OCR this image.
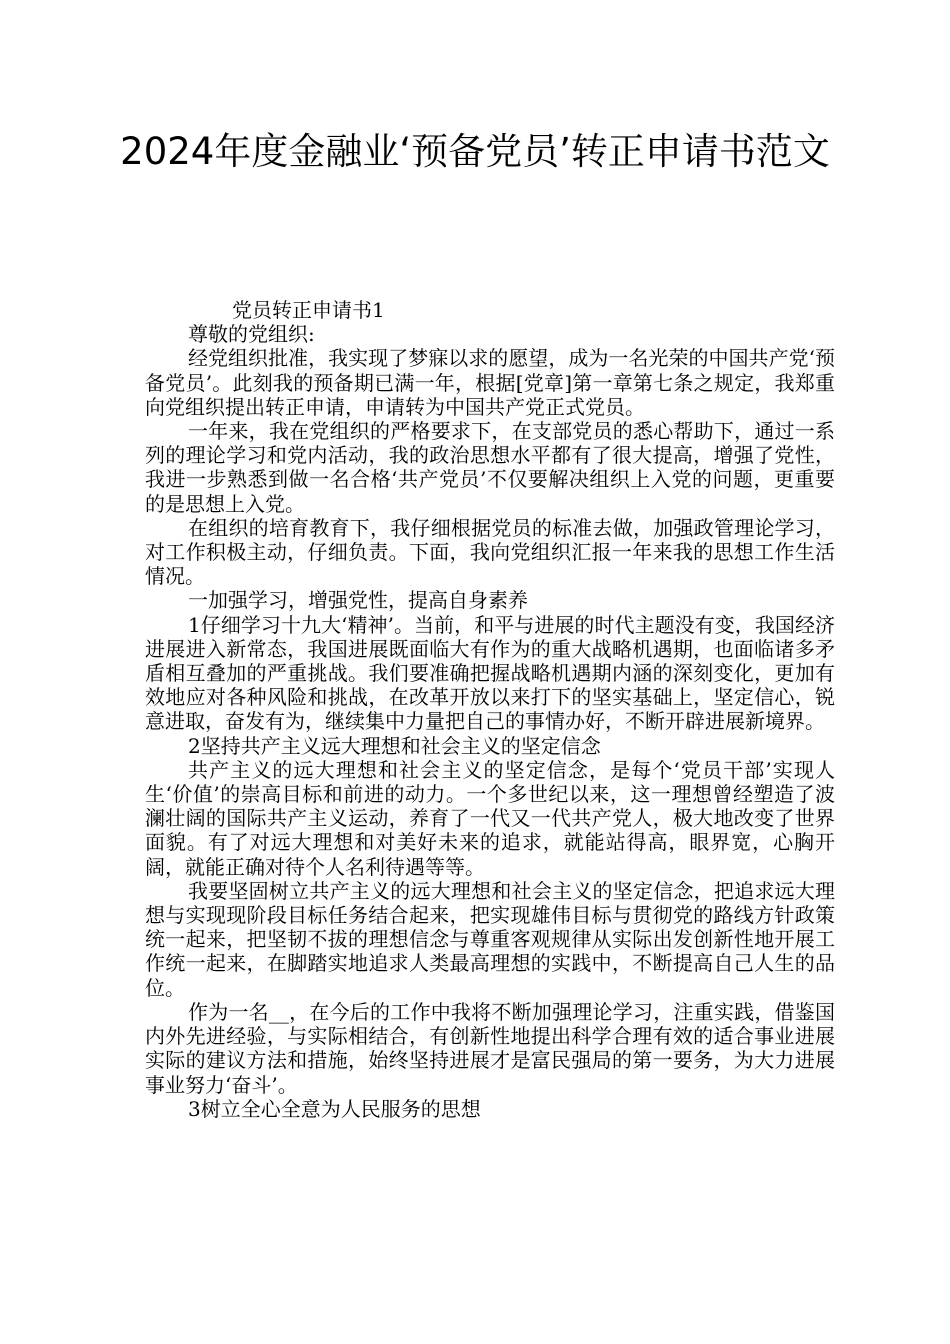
2024年度金融业‘预备党员’转正申请书范文

党员转正申请书1

尊敬的党组织:

经党组织批准，我实现了梦寐以求的愿望，成为一名光荣的中国共产党‘预备党员’。此刻我的预备期已满一年，根据[党章]第一章第七条之规定，我郑重向党组织提出转正申请，申请转为中国共产党正式党员。

一年来，我在党组织的严格要求下，在支部党员的悉心帮助下，通过一系列的理论学习和党内活动，我的政治思想水平都有了很大提高，增强了党性，我进一步熟悉到做一名合格‘共产党员’不仅要解决组织上入党的问题，更重要的是思想上入党。

在组织的培育教育下，我仔细根据党员的标准去做，加强政管理论学习，对工作积极主动，仔细负责。下面，我向党组织汇报一年来我的思想工作生活情况。

一加强学习，增强党性，提高自身素养

1仔细学习十九大‘精神’。当前，和平与进展的时代主题没有变，我国经济进展进入新常态，我国进展既面临大有作为的重大战略机遇期，也面临诸多矛盾相互叠加的严重挑战。我们要准确把握战略机遇期内涵的深刻变化，更加有效地应对各种风险和挑战，在改革开放以来打下的坚实基础上，坚定信心，锐意进取，奋发有为，继续集中力量把自己的事情办好，不断开辟进展新境界。

2坚持共产主义远大理想和社会主义的坚定信念

共产主义的远大理想和社会主义的坚定信念，是每个‘党员干部’实现人生‘价值’的崇高目标和前进的动力。一个多世纪以来，这一理想曾经塑造了波澜壮阔的国际共产主义运动，养育了一代又一代共产党人，极大地改变了世界面貌。有了对远大理想和对美好未来的追求，就能站得高，眼界宽，心胸开阔，就能正确对待个人名利待遇等等。

我要坚固树立共产主义的远大理想和社会主义的坚定信念，把追求远大理想与实现现阶段目标任务结合起来，把实现雄伟目标与贯彻党的路线方针政策统一起来，把坚韧不拔的理想信念与尊重客观规律从实际出发创新性地开展工作统一起来，在脚踏实地追求人类最高理想的实践中，不断提高自己人生的品位。

作为一名__，在今后的工作中我将不断加强理论学习，注重实践，借鉴国内外先进经验，与实际相结合，有创新性地提出科学合理有效的适合事业进展实际的建议方法和措施，始终坚持进展才是富民强局的第一要务，为大力进展事业努力‘奋斗’。

3树立全心全意为人民服务的思想
